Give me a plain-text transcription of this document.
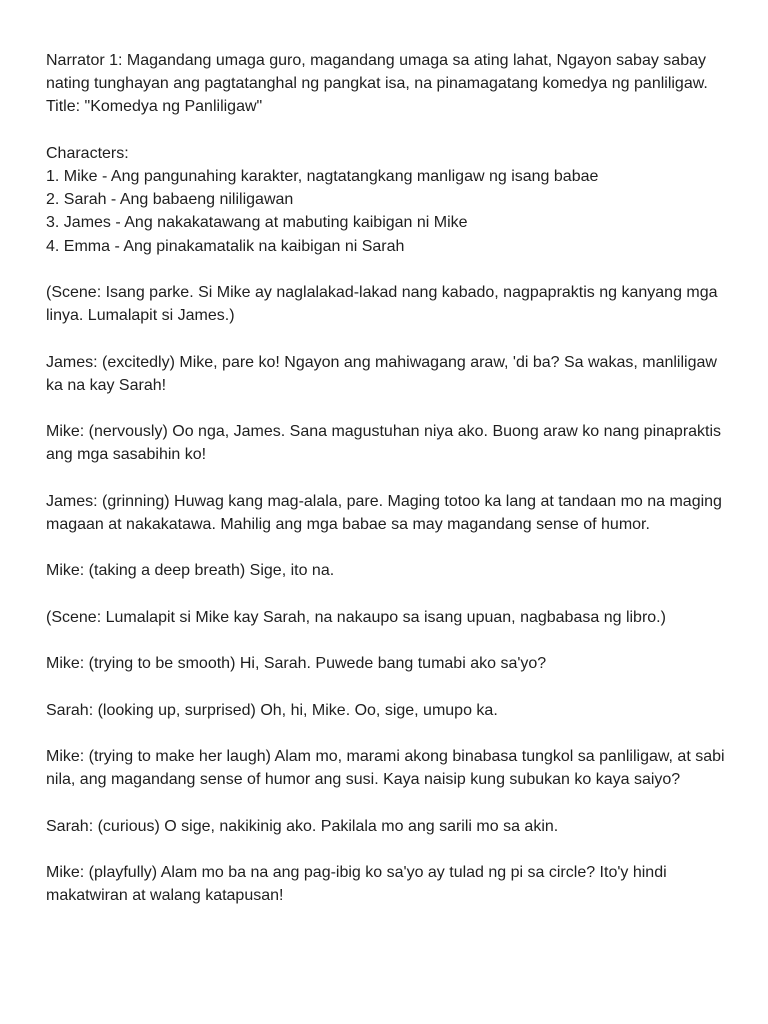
Narrator 1: Magandang umaga guro, magandang umaga sa ating lahat, Ngayon sabay sabay nating tunghayan ang pagtatanghal ng pangkat isa, na pinamagatang komedya ng panliligaw.

Title: "Komedya ng Panliligaw"

Characters:

1. Mike - Ang pangunahing karakter, nagtatangkang manligaw ng isang babae

2. Sarah - Ang babaeng nililigawan

3. James - Ang nakakatawang at mabuting kaibigan ni Mike

4. Emma - Ang pinakamatalik na kaibigan ni Sarah

(Scene: Isang parke. Si Mike ay naglalakad-lakad nang kabado, nagpapraktis ng kanyang mga linya. Lumalapit si James.)

James: (excitedly) Mike, pare ko! Ngayon ang mahiwagang araw, 'di ba? Sa wakas, manliligaw ka na kay Sarah!

Mike: (nervously) Oo nga, James. Sana magustuhan niya ako. Buong araw ko nang pinapraktis ang mga sasabihin ko!

James: (grinning) Huwag kang mag-alala, pare. Maging totoo ka lang at tandaan mo na maging magaan at nakakatawa. Mahilig ang mga babae sa may magandang sense of humor.

Mike: (taking a deep breath) Sige, ito na.

(Scene: Lumalapit si Mike kay Sarah, na nakaupo sa isang upuan, nagbabasa ng libro.)

Mike: (trying to be smooth) Hi, Sarah. Puwede bang tumabi ako sa'yo?

Sarah: (looking up, surprised) Oh, hi, Mike. Oo, sige, umupo ka.

Mike: (trying to make her laugh) Alam mo, marami akong binabasa tungkol sa panliligaw, at sabi nila, ang magandang sense of humor ang susi. Kaya naisip kung subukan ko kaya saiyo?

Sarah: (curious) O sige, nakikinig ako. Pakilala mo ang sarili mo sa akin.

Mike: (playfully) Alam mo ba na ang pag-ibig ko sa'yo ay tulad ng pi sa circle? Ito'y hindi makatwiran at walang katapusan!
